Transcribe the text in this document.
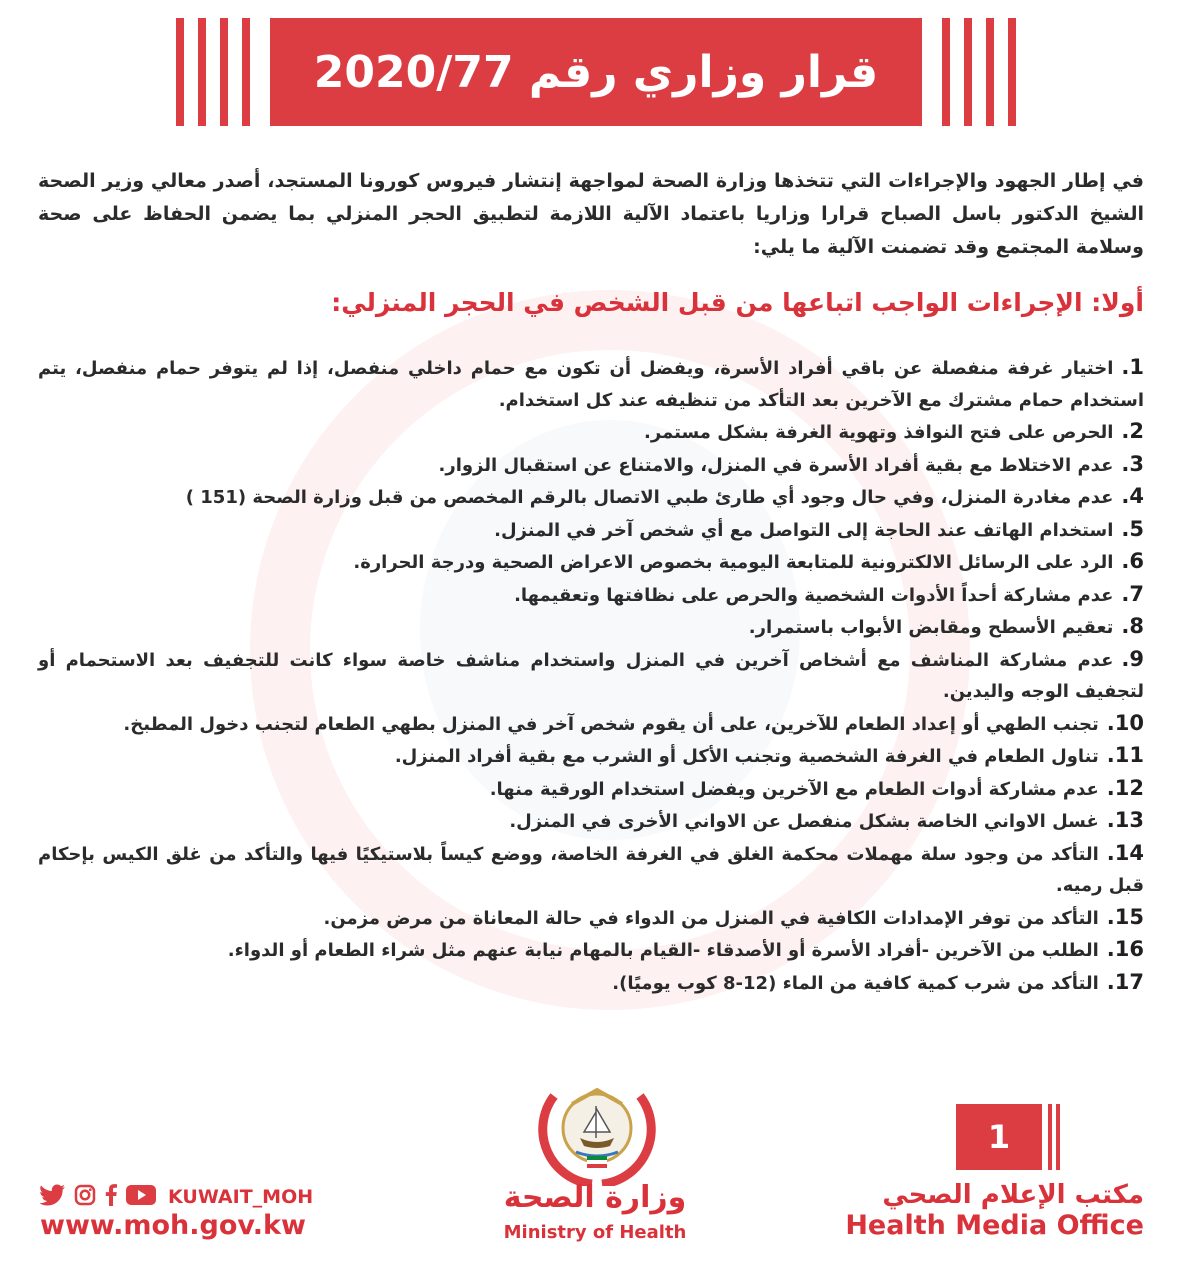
قرار وزاري رقم 2020/77

في إطار الجهود والإجراءات التي تتخذها وزارة الصحة لمواجهة إنتشار فيروس كورونا المستجد، أصدر معالي وزير الصحة الشيخ الدكتور باسل الصباح قرارا وزاريا باعتماد الآلية اللازمة لتطبيق الحجر المنزلي بما يضمن الحفاظ على صحة وسلامة المجتمع وقد تضمنت الآلية ما يلي:

أولا: الإجراءات الواجب اتباعها من قبل الشخص في الحجر المنزلي:
1.اختيار غرفة منفصلة عن باقي أفراد الأسرة، ويفضل أن تكون مع حمام داخلي منفصل، إذا لم يتوفر حمام منفصل، يتم استخدام حمام مشترك مع الآخرين بعد التأكد من تنظيفه عند كل استخدام.
2.الحرص على فتح النوافذ وتهوية الغرفة بشكل مستمر.
3.عدم الاختلاط مع بقية أفراد الأسرة في المنزل، والامتناع عن استقبال الزوار.
4.عدم مغادرة المنزل، وفي حال وجود أي طارئ طبي الاتصال بالرقم المخصص من قبل وزارة الصحة (151 )
5.استخدام الهاتف عند الحاجة إلى التواصل مع أي شخص آخر في المنزل.
6.الرد على الرسائل الالكترونية للمتابعة اليومية بخصوص الاعراض الصحية ودرجة الحرارة.
7.عدم مشاركة أحداً الأدوات الشخصية والحرص على نظافتها وتعقيمها.
8.تعقيم الأسطح ومقابض الأبواب باستمرار.
9.عدم مشاركة المناشف مع أشخاص آخرين في المنزل واستخدام مناشف خاصة سواء كانت للتجفيف بعد الاستحمام أو لتجفيف الوجه واليدين.
10.تجنب الطهي أو إعداد الطعام للآخرين، على أن يقوم شخص آخر في المنزل بطهي الطعام لتجنب دخول المطبخ.
11.تناول الطعام في الغرفة الشخصية وتجنب الأكل أو الشرب مع بقية أفراد المنزل.
12.عدم مشاركة أدوات الطعام مع الآخرين ويفضل استخدام الورقية منها.
13.غسل الاواني الخاصة بشكل منفصل عن الاواني الأخرى في المنزل.
14.التأكد من وجود سلة مهملات محكمة الغلق في الغرفة الخاصة، ووضع كيساً بلاستيكيًا فيها والتأكد من غلق الكيس بإحكام قبل رميه.
15.التأكد من توفر الإمدادات الكافية في المنزل من الدواء في حالة المعاناة من مرض مزمن.
16.الطلب من الآخرين -أفراد الأسرة أو الأصدقاء -القيام بالمهام نيابة عنهم مثل شراء الطعام أو الدواء.
17.التأكد من شرب كمية كافية من الماء (12-8 كوب يوميًا).
KUWAIT_MOH
www.moh.gov.kw
وزارة الصحة
Ministry of Health
1
مكتب الإعلام الصحي
Health Media Office
